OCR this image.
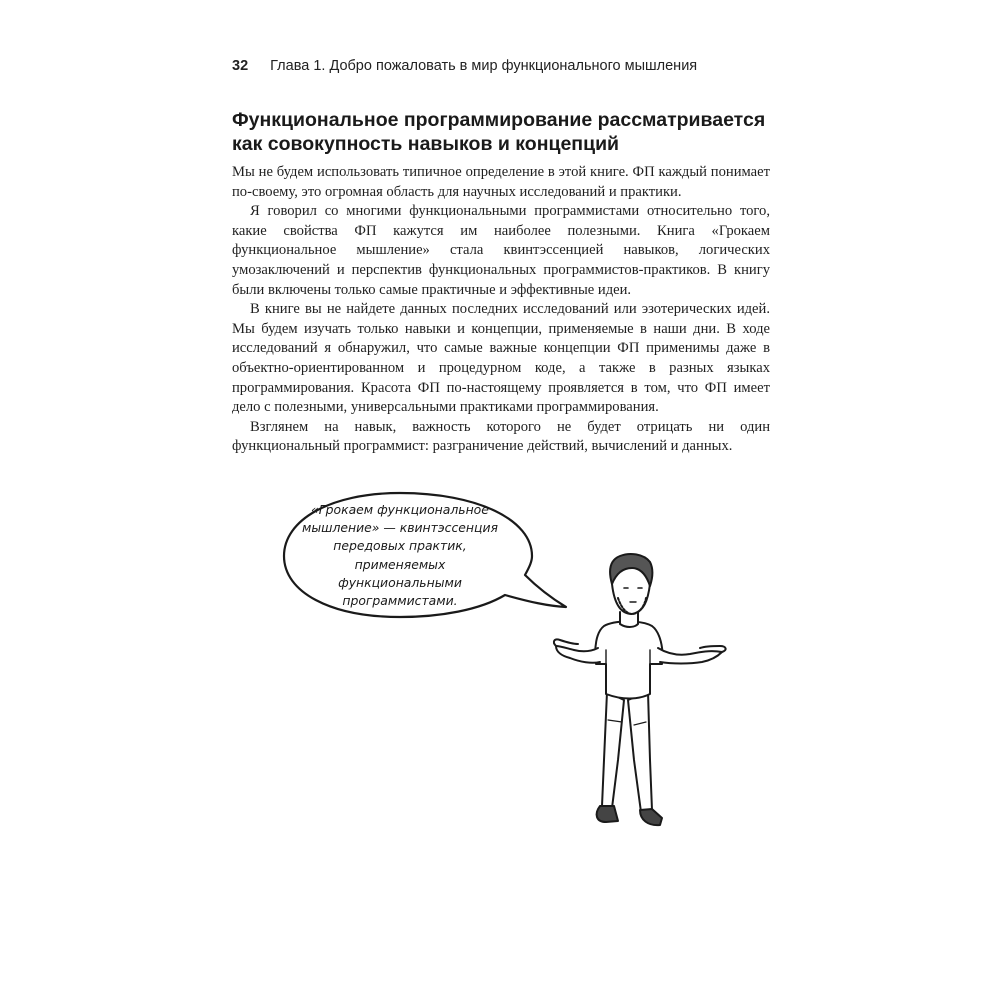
32 Глава 1. Добро пожаловать в мир функционального мышления
Функциональное программирование рассматривается как совокупность навыков и концепций

Мы не будем использовать типичное определение в этой книге. ФП каждый понимает по-своему, это огромная область для научных исследований и практики.

Я говорил со многими функциональными программистами относительно того, какие свойства ФП кажутся им наиболее полезными. Книга «Грокаем функциональное мышление» стала квинтэссенцией навыков, логических умозаключений и перспектив функциональных программистов-практиков. В книгу были включены только самые практичные и эффективные идеи.

В книге вы не найдете данных последних исследований или эзотерических идей. Мы будем изучать только навыки и концепции, применяемые в наши дни. В ходе исследований я обнаружил, что самые важные концепции ФП применимы даже в объектно-ориентированном и процедурном коде, а также в разных языках программирования. Красота ФП по-настоящему проявляется в том, что ФП имеет дело с полезными, универсальными практиками программирования.

Взглянем на навык, важность которого не будет отрицать ни один функциональный программист: разграничение действий, вычислений и данных.

«Грокаем функциональное мышление» — квинтэссенция передовых практик, применяемых функциональными программистами.
